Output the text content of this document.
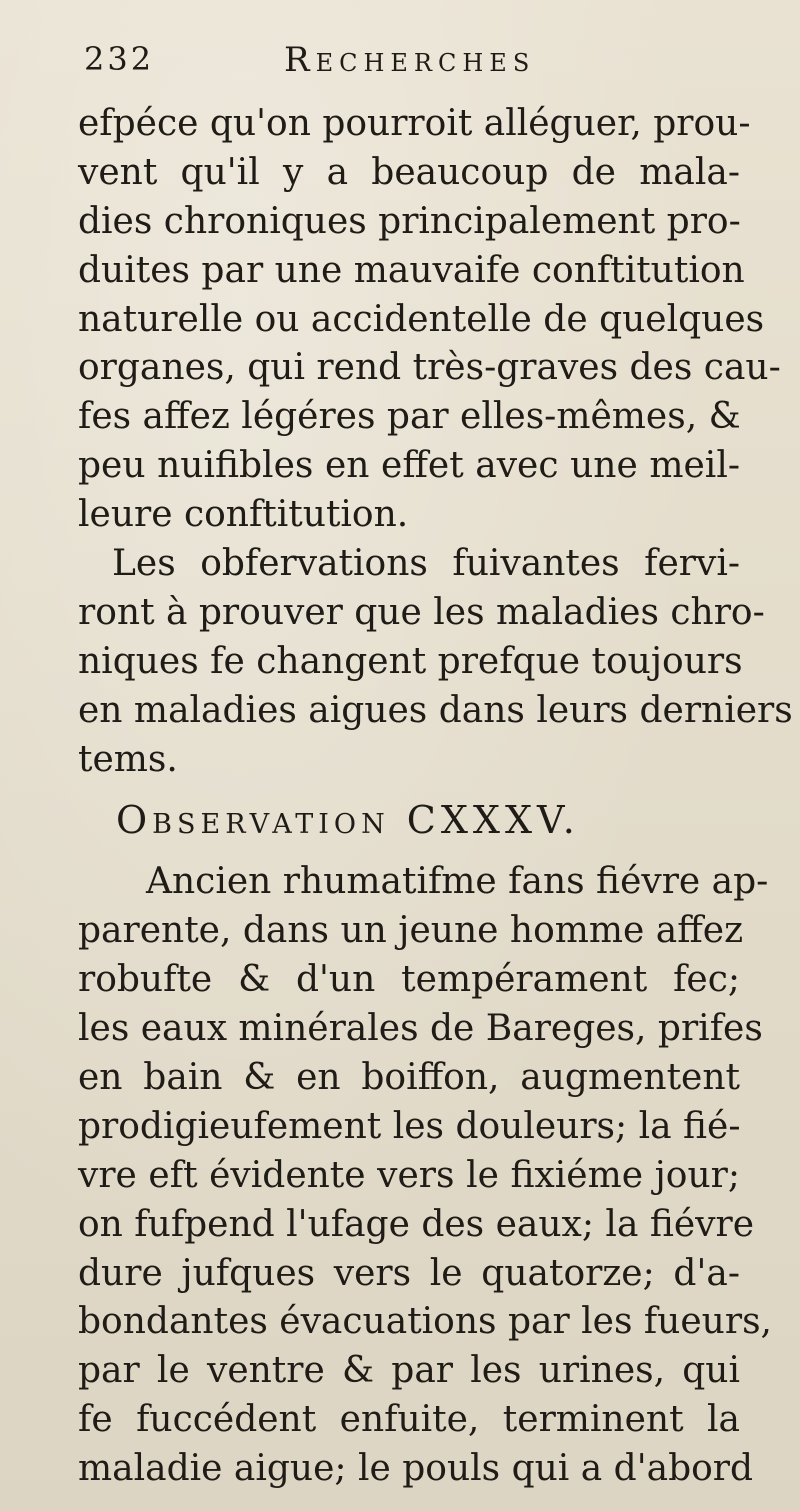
232	Recherches
efpéce qu'on pourroit alléguer, prou-
vent qu'il y a beaucoup de mala-
dies chroniques principalement pro-
duites par une mauvaife conftitution
naturelle ou accidentelle de quelques
organes, qui rend très-graves des cau-
fes affez légéres par elles-mêmes, &
peu nuifibles en effet avec une meil-
leure conftitution.
Les obfervations fuivantes fervi-
ront à prouver que les maladies chro-
niques fe changent prefque toujours
en maladies aigues dans leurs derniers
tems.
Observation CXXXV.
Ancien rhumatifme fans fiévre ap-
parente, dans un jeune homme affez
robufte & d'un tempérament fec;
les eaux minérales de Bareges, prifes
en bain & en boiffon, augmentent
prodigieufement les douleurs; la fié-
vre eft évidente vers le fixiéme jour;
on fufpend l'ufage des eaux; la fiévre
dure jufques vers le quatorze; d'a-
bondantes évacuations par les fueurs,
par le ventre & par les urines, qui
fe fuccédent enfuite, terminent la
maladie aigue; le pouls qui a d'abord
